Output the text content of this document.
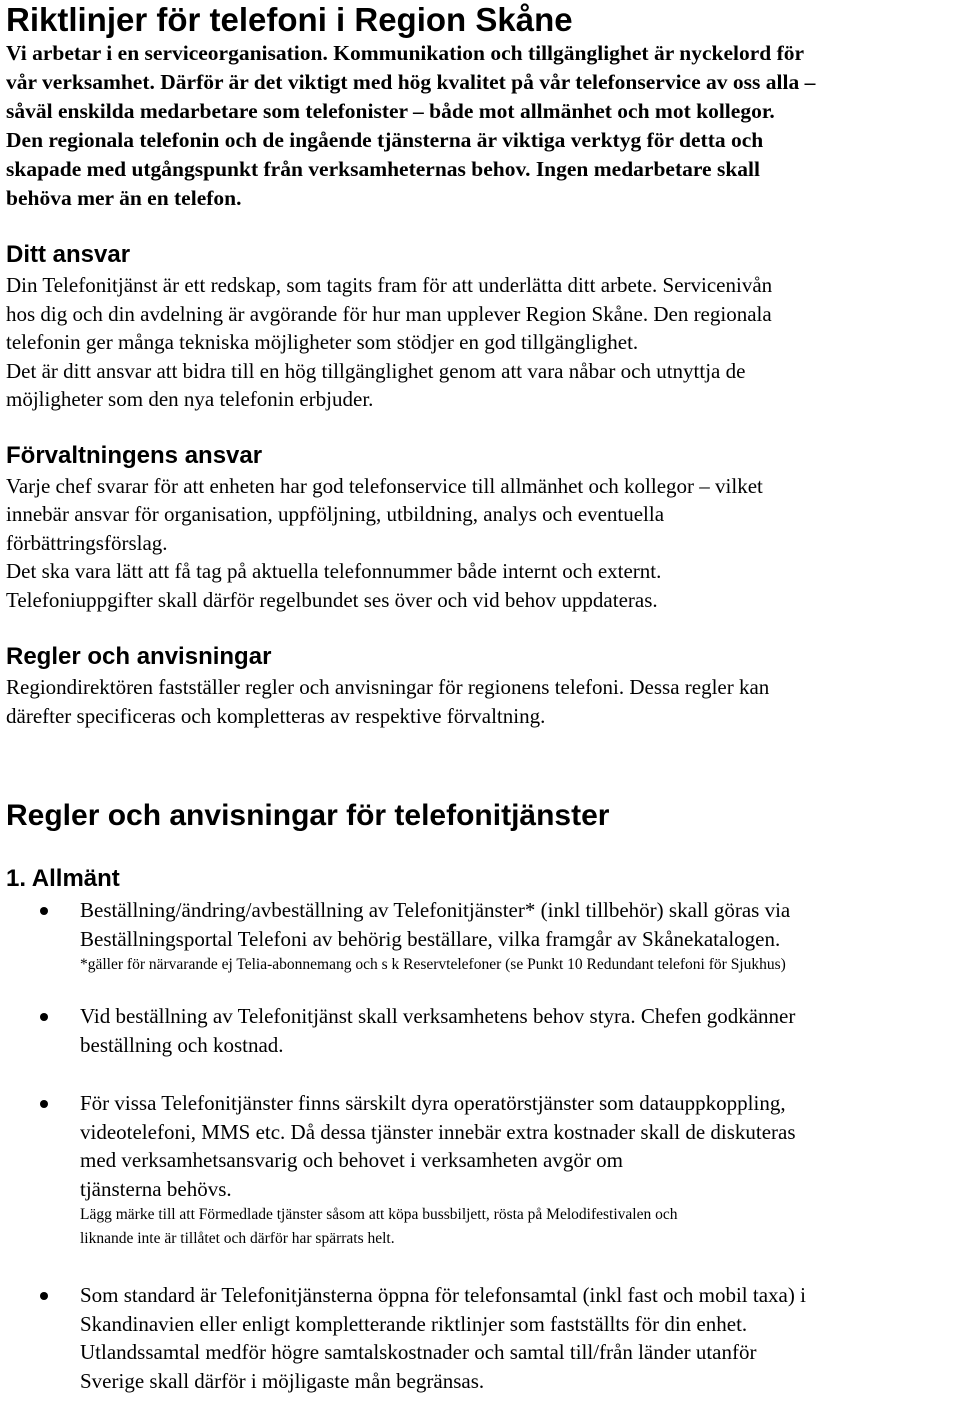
Riktlinjer för telefoni i Region Skåne
Vi arbetar i en serviceorganisation. Kommunikation och tillgänglighet är nyckelord för
vår verksamhet. Därför är det viktigt med hög kvalitet på vår telefonservice av oss alla –
såväl enskilda medarbetare som telefonister – både mot allmänhet och mot kollegor.
Den regionala telefonin och de ingående tjänsterna är viktiga verktyg för detta och
skapade med utgångspunkt från verksamheternas behov. Ingen medarbetare skall
behöva mer än en telefon.
Ditt ansvar
Din Telefonitjänst är ett redskap, som tagits fram för att underlätta ditt arbete. Servicenivån
hos dig och din avdelning är avgörande för hur man upplever Region Skåne. Den regionala
telefonin ger många tekniska möjligheter som stödjer en god tillgänglighet.
Det är ditt ansvar att bidra till en hög tillgänglighet genom att vara nåbar och utnyttja de
möjligheter som den nya telefonin erbjuder.
Förvaltningens ansvar
Varje chef svarar för att enheten har god telefonservice till allmänhet och kollegor – vilket
innebär ansvar för organisation, uppföljning, utbildning, analys och eventuella
förbättringsförslag.
Det ska vara lätt att få tag på aktuella telefonnummer både internt och externt.
Telefoniuppgifter skall därför regelbundet ses över och vid behov uppdateras.
Regler och anvisningar
Regiondirektören fastställer regler och anvisningar för regionens telefoni. Dessa regler kan
därefter specificeras och kompletteras av respektive förvaltning.
Regler och anvisningar för telefonitjänster
1. Allmänt
Beställning/ändring/avbeställning av Telefonitjänster* (inkl tillbehör) skall göras via
Beställningsportal Telefoni av behörig beställare, vilka framgår av Skånekatalogen.
*gäller för närvarande ej Telia-abonnemang och s k Reservtelefoner (se Punkt 10 Redundant telefoni för Sjukhus)
Vid beställning av Telefonitjänst skall verksamhetens behov styra. Chefen godkänner
beställning och kostnad.
För vissa Telefonitjänster finns särskilt dyra operatörstjänster som datauppkoppling,
videotelefoni, MMS etc. Då dessa tjänster innebär extra kostnader skall de diskuteras
med verksamhetsansvarig och behovet i verksamheten avgör om
tjänsterna behövs.
Lägg märke till att Förmedlade tjänster såsom att köpa bussbiljett, rösta på Melodifestivalen och
liknande inte är tillåtet och därför har spärrats helt.
Som standard är Telefonitjänsterna öppna för telefonsamtal (inkl fast och mobil taxa) i
Skandinavien eller enligt kompletterande riktlinjer som fastställts för din enhet.
Utlandssamtal medför högre samtalskostnader och samtal till/från länder utanför
Sverige skall därför i möjligaste mån begränsas.
